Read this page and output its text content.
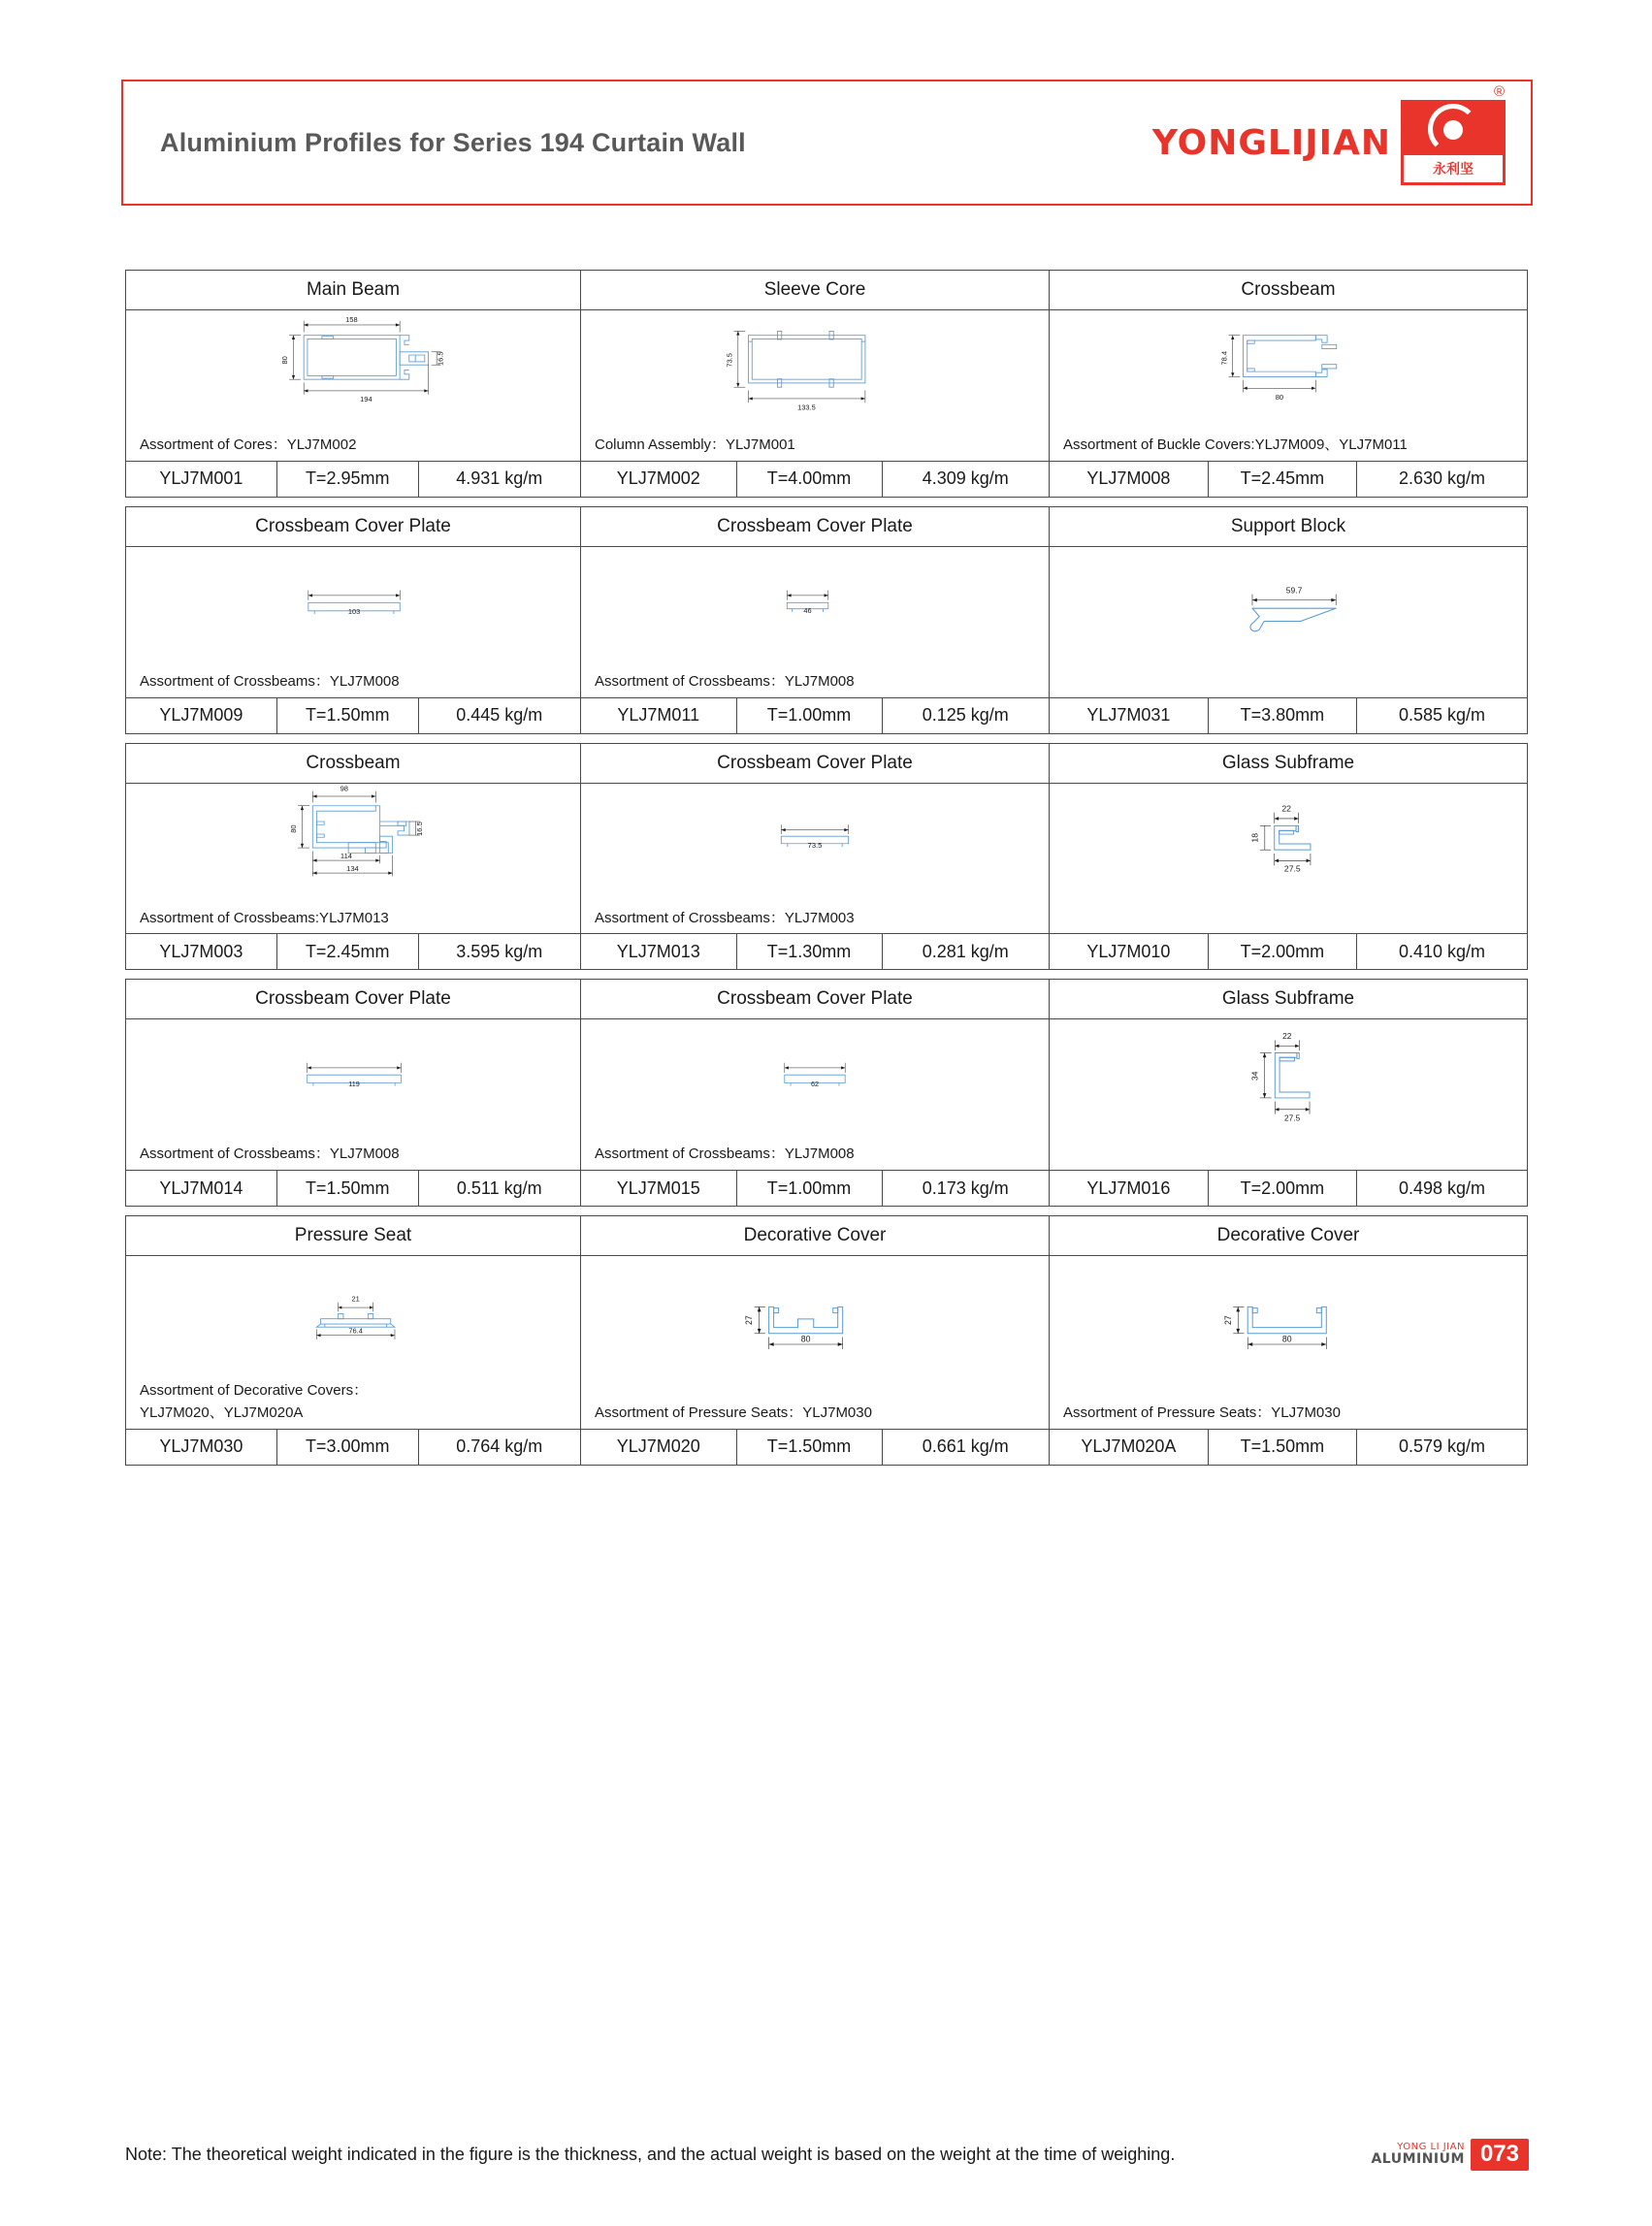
Aluminium Profiles for Series 194 Curtain Wall	YONGLIJIAN
®
永利坚
Main Beam
158
80
194
16.5
Assortment of Cores：YLJ7M002
YLJ7M001	T=2.95mm	4.931 kg/m
Sleeve Core
73.5
133.5
Column Assembly：YLJ7M001
YLJ7M002	T=4.00mm	4.309 kg/m
Crossbeam
78.4
80
Assortment of Buckle Covers:YLJ7M009、YLJ7M011
YLJ7M008	T=2.45mm	2.630 kg/m
Crossbeam Cover Plate
103
Assortment of Crossbeams：YLJ7M008
YLJ7M009	T=1.50mm	0.445 kg/m
Crossbeam Cover Plate
46
Assortment of Crossbeams：YLJ7M008
YLJ7M011	T=1.00mm	0.125 kg/m
Support Block
59.7
YLJ7M031	T=3.80mm	0.585 kg/m
Crossbeam
98
80	16.5
114
134
Assortment of Crossbeams:YLJ7M013
YLJ7M003	T=2.45mm	3.595 kg/m
Crossbeam Cover Plate
73.5
Assortment of Crossbeams：YLJ7M003
YLJ7M013	T=1.30mm	0.281 kg/m
Glass Subframe
22
18
27.5
YLJ7M010	T=2.00mm	0.410 kg/m
Crossbeam Cover Plate
119
Assortment of Crossbeams：YLJ7M008
YLJ7M014	T=1.50mm	0.511 kg/m
Crossbeam Cover Plate
62
Assortment of Crossbeams：YLJ7M008
YLJ7M015	T=1.00mm	0.173 kg/m
Glass Subframe
22
34
27.5
YLJ7M016	T=2.00mm	0.498 kg/m
Pressure Seat
21
76.4
Assortment of Decorative Covers：
YLJ7M020、YLJ7M020A
YLJ7M030	T=3.00mm	0.764 kg/m
Decorative Cover
27
80
Assortment of Pressure Seats：YLJ7M030
YLJ7M020	T=1.50mm	0.661 kg/m
Decorative Cover
27
80
Assortment of Pressure Seats：YLJ7M030
YLJ7M020A	T=1.50mm	0.579 kg/m
Note: The theoretical weight indicated in the figure is the thickness, and the actual weight is based on the weight at the time of weighing.	YONG LI JIAN
ALUMINIUM 073
